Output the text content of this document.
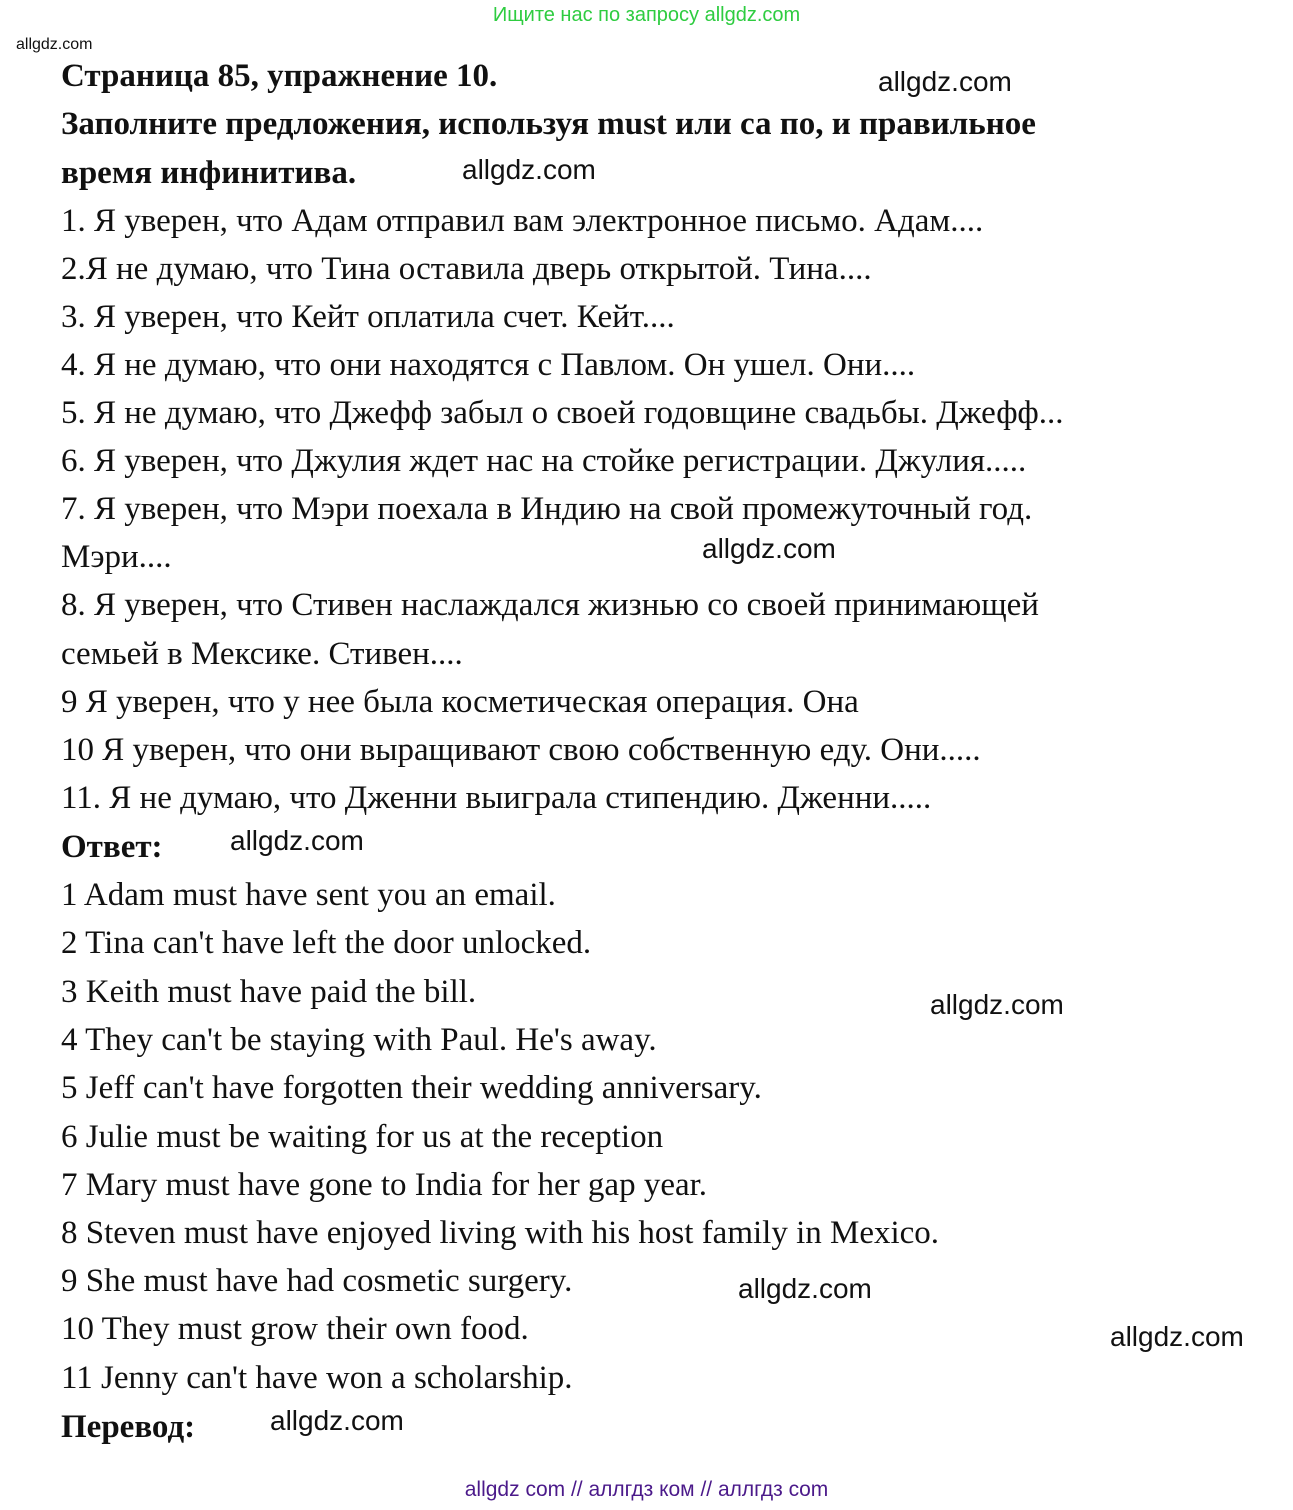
Ищите нас по запросу allgdz.com
allgdz.com
Страница 85, упражнение 10.	allgdz.com
Заполните предложения, используя must или са по, и правильное
время инфинитива.	allgdz.com
1. Я уверен, что Адам отправил вам электронное письмо. Адам....
2.Я не думаю, что Тина оставила дверь открытой. Тина....
3. Я уверен, что Кейт оплатила счет. Кейт....
4. Я не думаю, что они находятся с Павлом. Он ушел. Они....
5. Я не думаю, что Джефф забыл о своей годовщине свадьбы. Джефф...
6. Я уверен, что Джулия ждет нас на стойке регистрации. Джулия.....
7. Я уверен, что Мэри поехала в Индию на свой промежуточный год.
Мэри....	allgdz.com
8. Я уверен, что Стивен наслаждался жизнью со своей принимающей
семьей в Мексике. Стивен....
9 Я уверен, что у нее была косметическая операция. Она
10 Я уверен, что они выращивают свою собственную еду. Они.....
11. Я не думаю, что Дженни выиграла стипендию. Дженни.....
Ответ: allgdz.com
1 Adam must have sent you an email.
2 Tina can't have left the door unlocked.
3 Keith must have paid the bill.	allgdz.com
4 They can't be staying with Paul. He's away.
5 Jeff can't have forgotten their wedding anniversary.
6 Julie must be waiting for us at the reception
7 Mary must have gone to India for her gap year.
8 Steven must have enjoyed living with his host family in Mexico.
9 She must have had cosmetic surgery.	allgdz.com
10 They must grow their own food.	allgdz.com
11 Jenny can't have won a scholarship.
Перевод:	allgdz.com
allgdz com // аллгдз ком // аллгдз com
